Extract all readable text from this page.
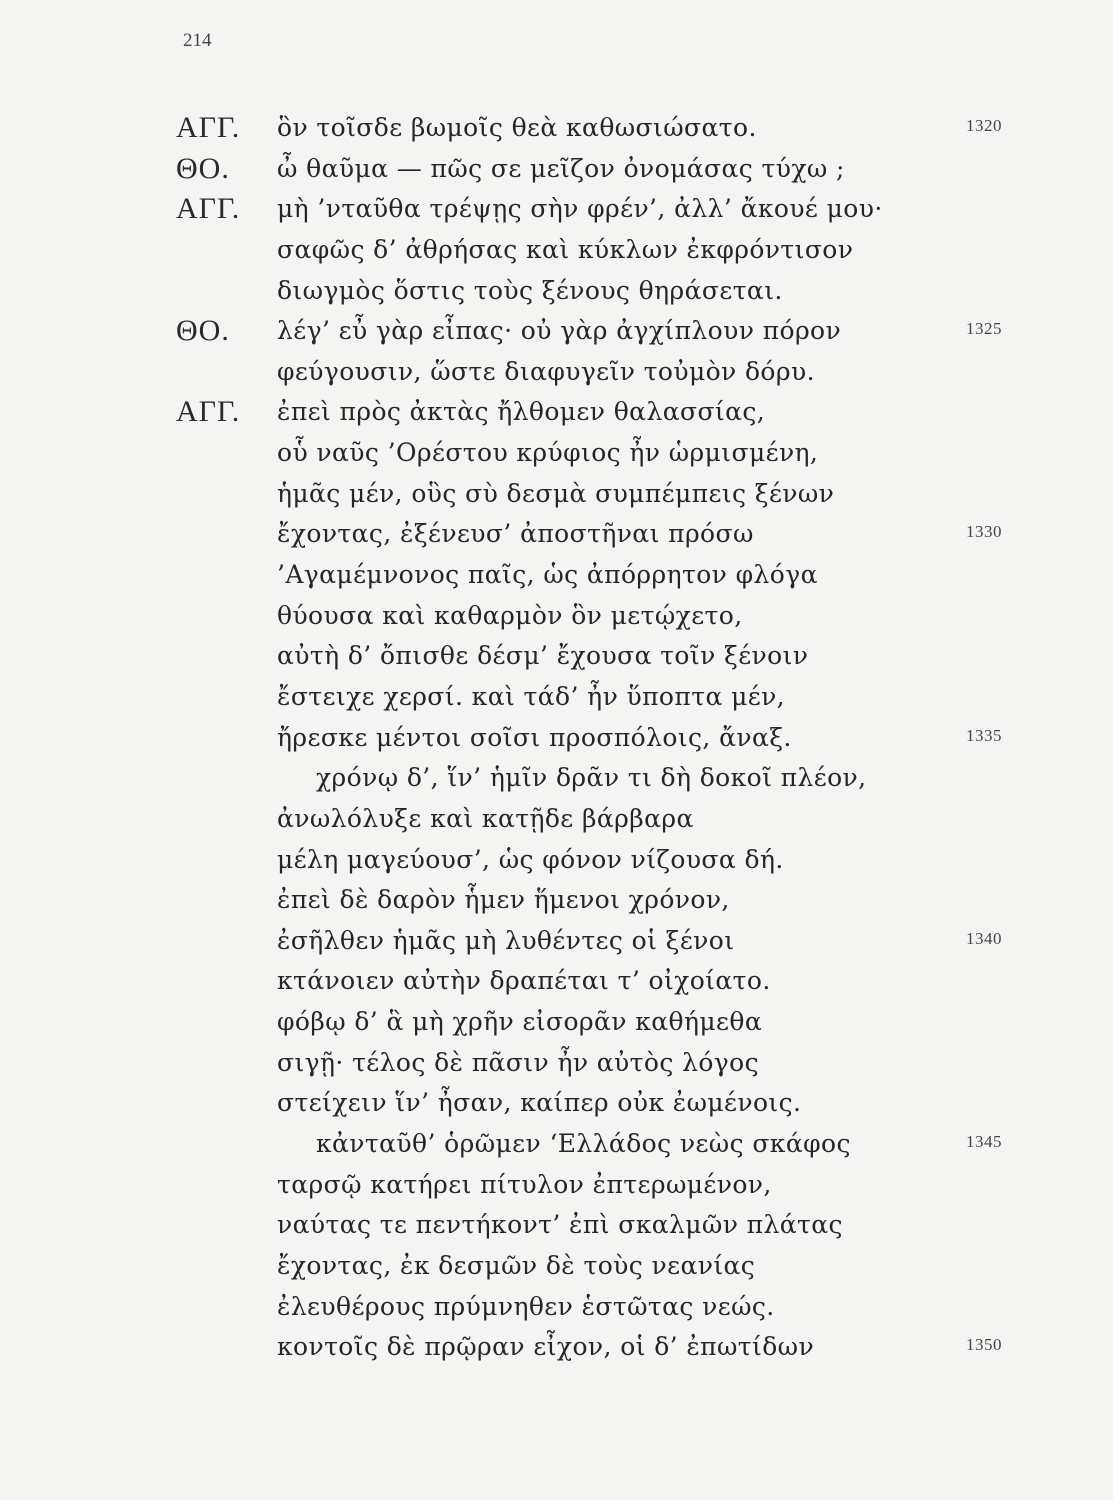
214
ΑΓΓ. ὃν τοῖσδε βωμοῖς θεὰ καθωσιώσατο.	1320
ΘΟ. ὦ θαῦμα — πῶς σε μεῖζον ὀνομάσας τύχω ;
ΑΓΓ. μὴ ’νταῦθα τρέψῃς σὴν φρέν’, ἀλλ’ ἄκουέ μου·
σαφῶς δ’ ἀθρήσας καὶ κύκλων ἐκφρόντισον
διωγμὸς ὅστις τοὺς ξένους θηράσεται.
ΘΟ. λέγ’ εὖ γὰρ εἶπας· οὐ γὰρ ἀγχίπλουν πόρον	1325
φεύγουσιν, ὥστε διαφυγεῖν τοὐμὸν δόρυ.
ΑΓΓ. ἐπεὶ πρὸς ἀκτὰς ἤλθομεν θαλασσίας,
οὗ ναῦς ’Ορέστου κρύφιος ἦν ὡρμισμένη,
ἡμᾶς μέν, οὓς σὺ δεσμὰ συμπέμπεις ξένων
ἔχοντας, ἐξένευσ’ ἀποστῆναι πρόσω	1330
’Αγαμέμνονος παῖς, ὡς ἀπόρρητον φλόγα
θύουσα καὶ καθαρμὸν ὃν μετῴχετο,
αὐτὴ δ’ ὄπισθε δέσμ’ ἔχουσα τοῖν ξένοιν
ἔστειχε χερσί. καὶ τάδ’ ἦν ὕποπτα μέν,
ἤρεσκε μέντοι σοῖσι προσπόλοις, ἄναξ.	1335
χρόνῳ δ’, ἵν’ ἡμῖν δρᾶν τι δὴ δοκοῖ πλέον,
ἀνωλόλυξε καὶ κατῇδε βάρβαρα
μέλη μαγεύουσ’, ὡς φόνον νίζουσα δή.
ἐπεὶ δὲ δαρὸν ἧμεν ἥμενοι χρόνον,
ἐσῆλθεν ἡμᾶς μὴ λυθέντες οἱ ξένοι	1340
κτάνοιεν αὐτὴν δραπέται τ’ οἰχοίατο.
φόβῳ δ’ ἃ μὴ χρῆν εἰσορᾶν καθήμεθα
σιγῇ· τέλος δὲ πᾶσιν ἦν αὐτὸς λόγος
στείχειν ἵν’ ἦσαν, καίπερ οὐκ ἐωμένοις.
κἀνταῦθ’ ὁρῶμεν ‘Ελλάδος νεὼς σκάφος	1345
ταρσῷ κατήρει πίτυλον ἐπτερωμένον,
ναύτας τε πεντήκοντ’ ἐπὶ σκαλμῶν πλάτας
ἔχοντας, ἐκ δεσμῶν δὲ τοὺς νεανίας
ἐλευθέρους πρύμνηθεν ἑστῶτας νεώς.
κοντοῖς δὲ πρῷραν εἶχον, οἱ δ’ ἐπωτίδων	1350
